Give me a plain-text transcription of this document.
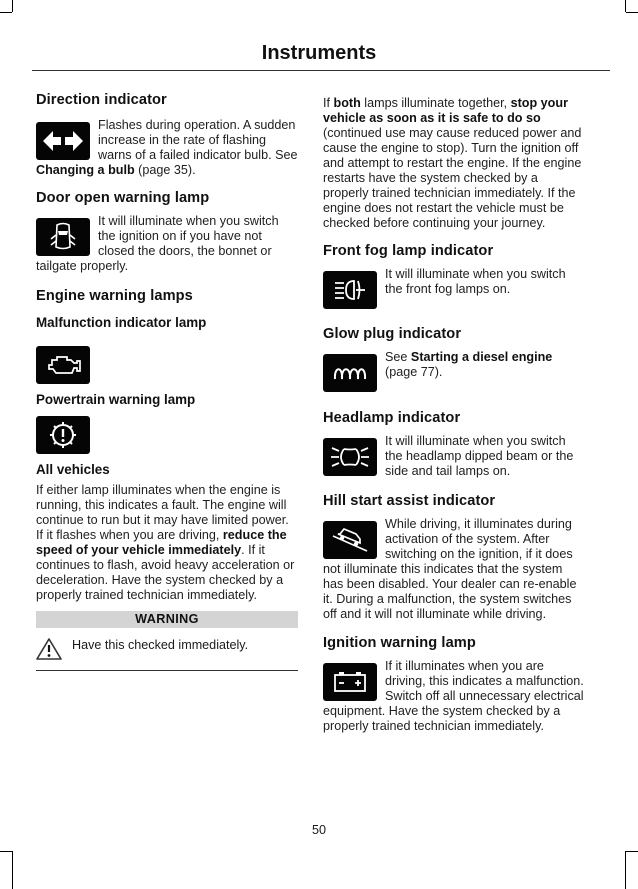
Instruments
Direction indicator
Flashes during operation. A sudden increase in the rate of flashing warns of a failed indicator bulb. See Changing a bulb (page 35).
Door open warning lamp
It will illuminate when you switch the ignition on if you have not closed the doors, the bonnet or tailgate properly.
Engine warning lamps
Malfunction indicator lamp
Powertrain warning lamp
All vehicles
If either lamp illuminates when the engine is running, this indicates a fault. The engine will continue to run but it may have limited power. If it flashes when you are driving, reduce the speed of your vehicle immediately. If it continues to flash, avoid heavy acceleration or deceleration. Have the system checked by a properly trained technician immediately.
WARNING
Have this checked immediately.
If both lamps illuminate together, stop your vehicle as soon as it is safe to do so (continued use may cause reduced power and cause the engine to stop). Turn the ignition off and attempt to restart the engine. If the engine restarts have the system checked by a properly trained technician immediately. If the engine does not restart the vehicle must be checked before continuing your journey.
Front fog lamp indicator
It will illuminate when you switch the front fog lamps on.
Glow plug indicator
See Starting a diesel engine (page 77).
Headlamp indicator
It will illuminate when you switch the headlamp dipped beam or the side and tail lamps on.
Hill start assist indicator
While driving, it illuminates during activation of the system. After switching on the ignition, if it does not illuminate this indicates that the system has been disabled. Your dealer can re-enable it. During a malfunction, the system switches off and it will not illuminate while driving.
Ignition warning lamp
If it illuminates when you are driving, this indicates a malfunction. Switch off all unnecessary electrical equipment. Have the system checked by a properly trained technician immediately.
50
